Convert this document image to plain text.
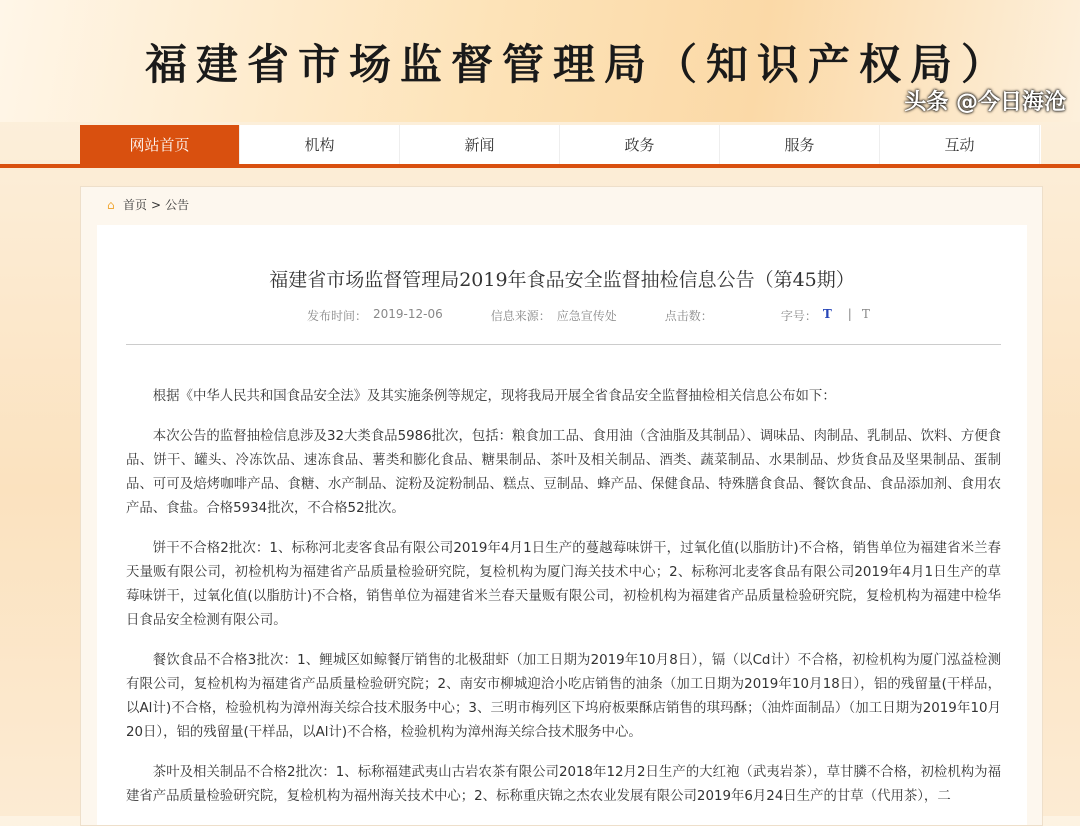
福建省市场监督管理局（知识产权局）
头条 @今日海沧
网站首页	机构	新闻	政务	服务	互动
⌂ 首页 > 公告
福建省市场监督管理局2019年食品安全监督抽检信息公告（第45期）
发布时间： 2019-12-06	信息来源： 应急宣传处	点击数：	字号： T | T

根据《中华人民共和国食品安全法》及其实施条例等规定，现将我局开展全省食品安全监督抽检相关信息公布如下：

本次公告的监督抽检信息涉及32大类食品5986批次，包括：粮食加工品、食用油（含油脂及其制品）、调味品、肉制品、乳制品、饮料、方便食品、饼干、罐头、冷冻饮品、速冻食品、薯类和膨化食品、糖果制品、茶叶及相关制品、酒类、蔬菜制品、水果制品、炒货食品及坚果制品、蛋制品、可可及焙烤咖啡产品、食糖、水产制品、淀粉及淀粉制品、糕点、豆制品、蜂产品、保健食品、特殊膳食食品、餐饮食品、食品添加剂、食用农产品、食盐。合格5934批次，不合格52批次。

饼干不合格2批次：1、标称河北麦客食品有限公司2019年4月1日生产的蔓越莓味饼干，过氧化值(以脂肪计)不合格，销售单位为福建省米兰春天量贩有限公司，初检机构为福建省产品质量检验研究院，复检机构为厦门海关技术中心；2、标称河北麦客食品有限公司2019年4月1日生产的草莓味饼干，过氧化值(以脂肪计)不合格，销售单位为福建省米兰春天量贩有限公司，初检机构为福建省产品质量检验研究院，复检机构为福建中检华日食品安全检测有限公司。

餐饮食品不合格3批次：1、鲤城区如鲸餐厅销售的北极甜虾（加工日期为2019年10月8日），镉（以Cd计）不合格，初检机构为厦门泓益检测有限公司，复检机构为福建省产品质量检验研究院；2、南安市柳城迎洽小吃店销售的油条（加工日期为2019年10月18日），铝的残留量(干样品，以Al计)不合格，检验机构为漳州海关综合技术服务中心；3、三明市梅列区下坞府板栗酥店销售的琪玛酥；（油炸面制品）（加工日期为2019年10月20日），铝的残留量(干样品，以Al计)不合格，检验机构为漳州海关综合技术服务中心。

茶叶及相关制品不合格2批次：1、标称福建武夷山古岩农茶有限公司2018年12月2日生产的大红袍（武夷岩茶），草甘膦不合格，初检机构为福建省产品质量检验研究院，复检机构为福州海关技术中心；2、标称重庆锦之杰农业发展有限公司2019年6月24日生产的甘草（代用茶），二
